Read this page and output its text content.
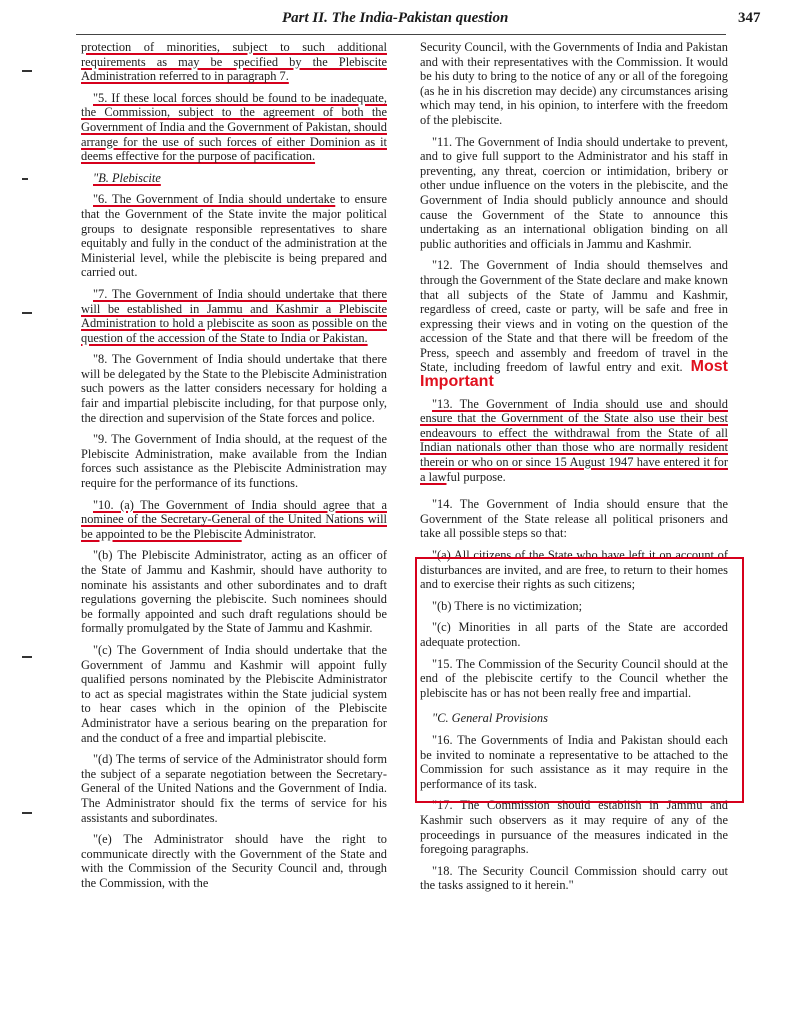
Part II. The India-Pakistan question	347

protection of minorities, subject to such additional requirements as may be specified by the Plebiscite Administration referred to in paragraph 7.

"5. If these local forces should be found to be inadequate, the Commission, subject to the agreement of both the Government of India and the Government of Pakistan, should arrange for the use of such forces of either Dominion as it deems effective for the purpose of pacification.

"B. Plebiscite

"6. The Government of India should undertake to ensure that the Government of the State invite the major political groups to designate responsible representatives to share equitably and fully in the conduct of the administration at the Ministerial level, while the plebiscite is being prepared and carried out.

"7. The Government of India should undertake that there will be established in Jammu and Kashmir a Plebiscite Administration to hold a plebiscite as soon as possible on the question of the accession of the State to India or Pakistan.

"8. The Government of India should undertake that there will be delegated by the State to the Plebiscite Administration such powers as the latter considers necessary for holding a fair and impartial plebiscite including, for that purpose only, the direction and supervision of the State forces and police.

"9. The Government of India should, at the request of the Plebiscite Administration, make available from the Indian forces such assistance as the Plebiscite Administration may require for the performance of its functions.

"10. (a) The Government of India should agree that a nominee of the Secretary-General of the United Nations will be appointed to be the Plebiscite Administrator.

"(b) The Plebiscite Administrator, acting as an officer of the State of Jammu and Kashmir, should have authority to nominate his assistants and other subordinates and to draft regulations governing the plebiscite. Such nominees should be formally appointed and such draft regulations should be formally promulgated by the State of Jammu and Kashmir.

"(c) The Government of India should undertake that the Government of Jammu and Kashmir will appoint fully qualified persons nominated by the Plebiscite Administrator to act as special magistrates within the State judicial system to hear cases which in the opinion of the Plebiscite Administrator have a serious bearing on the preparation for and the conduct of a free and impartial plebiscite.

"(d) The terms of service of the Administrator should form the subject of a separate negotiation between the Secretary-General of the United Nations and the Government of India. The Administrator should fix the terms of service for his assistants and subordinates.

"(e) The Administrator should have the right to communicate directly with the Government of the State and with the Commission of the Security Council and, through the Commission, with the

Security Council, with the Governments of India and Pakistan and with their representatives with the Commission. It would be his duty to bring to the notice of any or all of the foregoing (as he in his discretion may decide) any circumstances arising which may tend, in his opinion, to interfere with the freedom of the plebiscite.

"11. The Government of India should undertake to prevent, and to give full support to the Administrator and his staff in preventing, any threat, coercion or intimidation, bribery or other undue influence on the voters in the plebiscite, and the Government of India should publicly announce and should cause the Government of the State to announce this undertaking as an international obligation binding on all public authorities and officials in Jammu and Kashmir.

"12. The Government of India should themselves and through the Government of the State declare and make known that all subjects of the State of Jammu and Kashmir, regardless of creed, caste or party, will be safe and free in expressing their views and in voting on the question of the accession of the State and that there will be freedom of the Press, speech and assembly and freedom of travel in the State, including freedom of lawful entry and exit. Most Important

"13. The Government of India should use and should ensure that the Government of the State also use their best endeavours to effect the withdrawal from the State of all Indian nationals other than those who are normally resident therein or who on or since 15 August 1947 have entered it for a lawful purpose.

"14. The Government of India should ensure that the Government of the State release all political prisoners and take all possible steps so that:

"(a) All citizens of the State who have left it on account of disturbances are invited, and are free, to return to their homes and to exercise their rights as such citizens;

"(b) There is no victimization;

"(c) Minorities in all parts of the State are accorded adequate protection.

"15. The Commission of the Security Council should at the end of the plebiscite certify to the Council whether the plebiscite has or has not been really free and impartial.

"C. General Provisions

"16. The Governments of India and Pakistan should each be invited to nominate a representative to be attached to the Commission for such assistance as it may require in the performance of its task.

"17. The Commission should establish in Jammu and Kashmir such observers as it may require of any of the proceedings in pursuance of the measures indicated in the foregoing paragraphs.

"18. The Security Council Commission should carry out the tasks assigned to it herein."
